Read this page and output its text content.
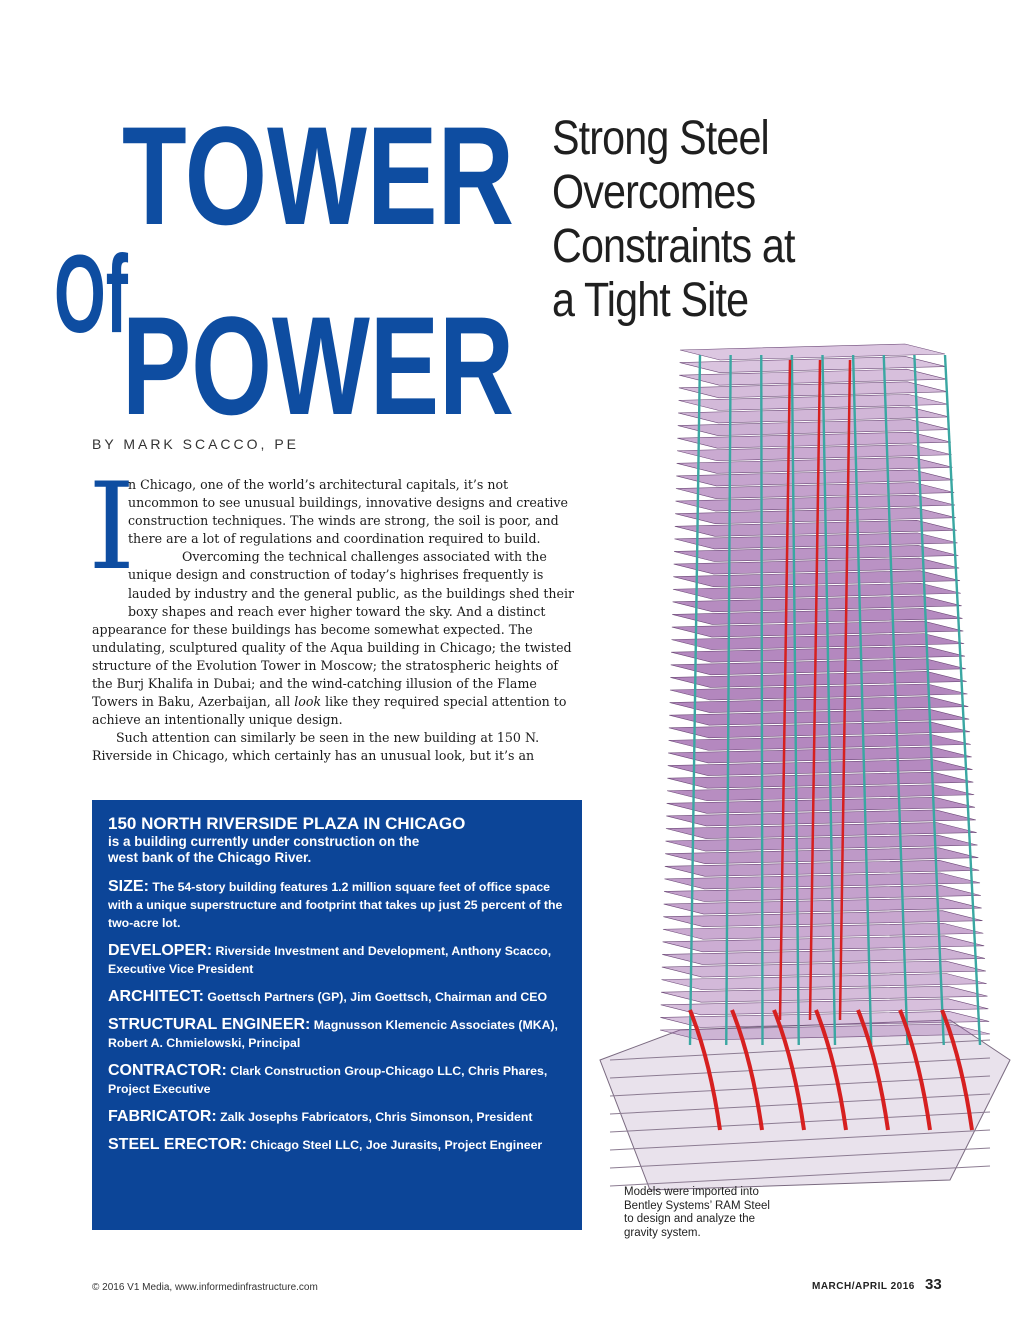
TOWER
Of
POWER
Strong Steel
Overcomes
Constraints at
a Tight Site
BY MARK SCACCO, PE
I

n Chicago, one of the world’s architectural capitals, it’s not uncommon to see unusual buildings, innovative designs and creative construction techniques. The winds are strong, the soil is poor, and there are a lot of regulations and coordination required to build.

Overcoming the technical challenges associated with the unique design and construction of today’s highrises frequently is lauded by industry and the general public, as the buildings shed their boxy shapes and reach ever higher toward the sky. And a distinct appearance for these buildings has become somewhat expected. The undulating, sculptured quality of the Aqua building in Chicago; the twisted structure of the Evolution Tower in Moscow; the stratospheric heights of the Burj Khalifa in Dubai; and the wind-catching illusion of the Flame Towers in Baku, Azerbaijan, all look like they required special attention to achieve an intentionally unique design.

Such attention can similarly be seen in the new building at 150 N. Riverside in Chicago, which certainly has an unusual look, but it’s an

150 NORTH RIVERSIDE PLAZA IN CHICAGO
is a building currently under construction on the
west bank of the Chicago River.
SIZE: The 54-story building features 1.2 million square feet of office space with a unique superstructure and footprint that takes up just 25 percent of the two-acre lot.
DEVELOPER: Riverside Investment and Development, Anthony Scacco, Executive Vice President
ARCHITECT: Goettsch Partners (GP), Jim Goettsch, Chairman and CEO
STRUCTURAL ENGINEER: Magnusson Klemencic Associates (MKA), Robert A. Chmielowski, Principal
CONTRACTOR: Clark Construction Group-Chicago LLC, Chris Phares, Project Executive
FABRICATOR: Zalk Josephs Fabricators, Chris Simonson, President
STEEL ERECTOR: Chicago Steel LLC, Joe Jurasits, Project Engineer
Models were imported into Bentley Systems’ RAM Steel to design and analyze the gravity system.
© 2016 V1 Media, www.informedinfrastructure.com	MARCH/APRIL 2016 33
